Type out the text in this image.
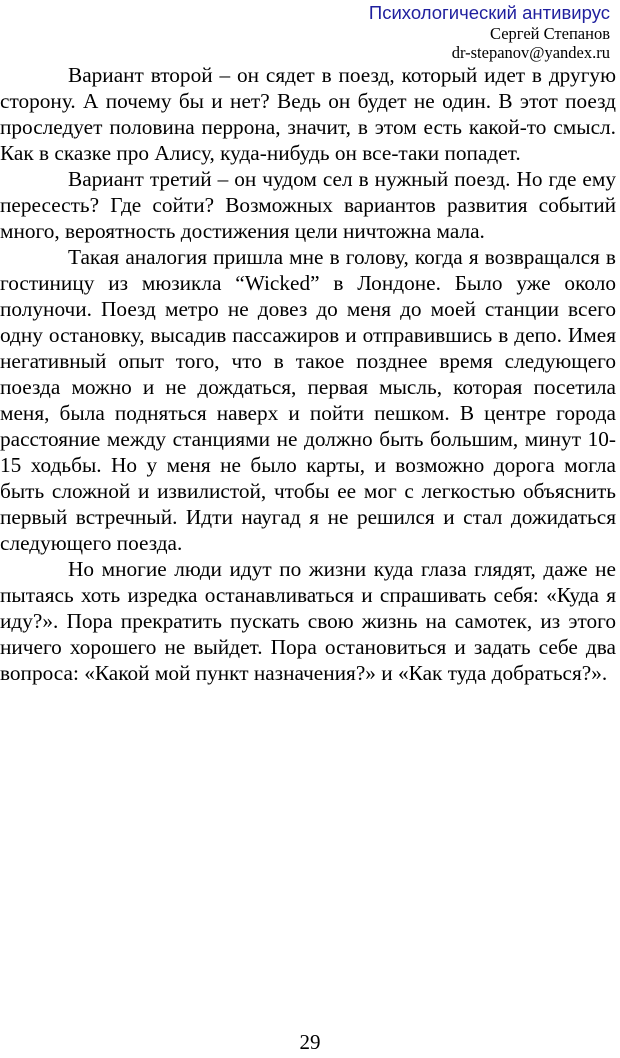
Психологический антивирус
Сергей Степанов
dr-stepanov@yandex.ru

Вариант второй – он сядет в поезд, который идет в другую сторону. А почему бы и нет? Ведь он будет не один. В этот поезд проследует половина перрона, значит, в этом есть какой-то смысл. Как в сказке про Алису, куда-нибудь он все-таки попадет.

Вариант третий – он чудом сел в нужный поезд. Но где ему пересесть? Где сойти? Возможных вариантов развития событий много, вероятность достижения цели ничтожна мала.

Такая аналогия пришла мне в голову, когда я возвращался в гостиницу из мюзикла “Wicked” в Лондоне. Было уже около полуночи. Поезд метро не довез до меня до моей станции всего одну остановку, высадив пассажиров и отправившись в депо. Имея негативный опыт того, что в такое позднее время следующего поезда можно и не дождаться, первая мысль, которая посетила меня, была подняться наверх и пойти пешком. В центре города расстояние между станциями не должно быть большим, минут 10-15 ходьбы. Но у меня не было карты, и возможно дорога могла быть сложной и извилистой, чтобы ее мог с легкостью объяснить первый встречный. Идти наугад я не решился и стал дожидаться следующего поезда.

Но многие люди идут по жизни куда глаза глядят, даже не пытаясь хоть изредка останавливаться и спрашивать себя: «Куда я иду?». Пора прекратить пускать свою жизнь на самотек, из этого ничего хорошего не выйдет. Пора остановиться и задать себе два вопроса: «Какой мой пункт назначения?» и «Как туда добраться?».

29
